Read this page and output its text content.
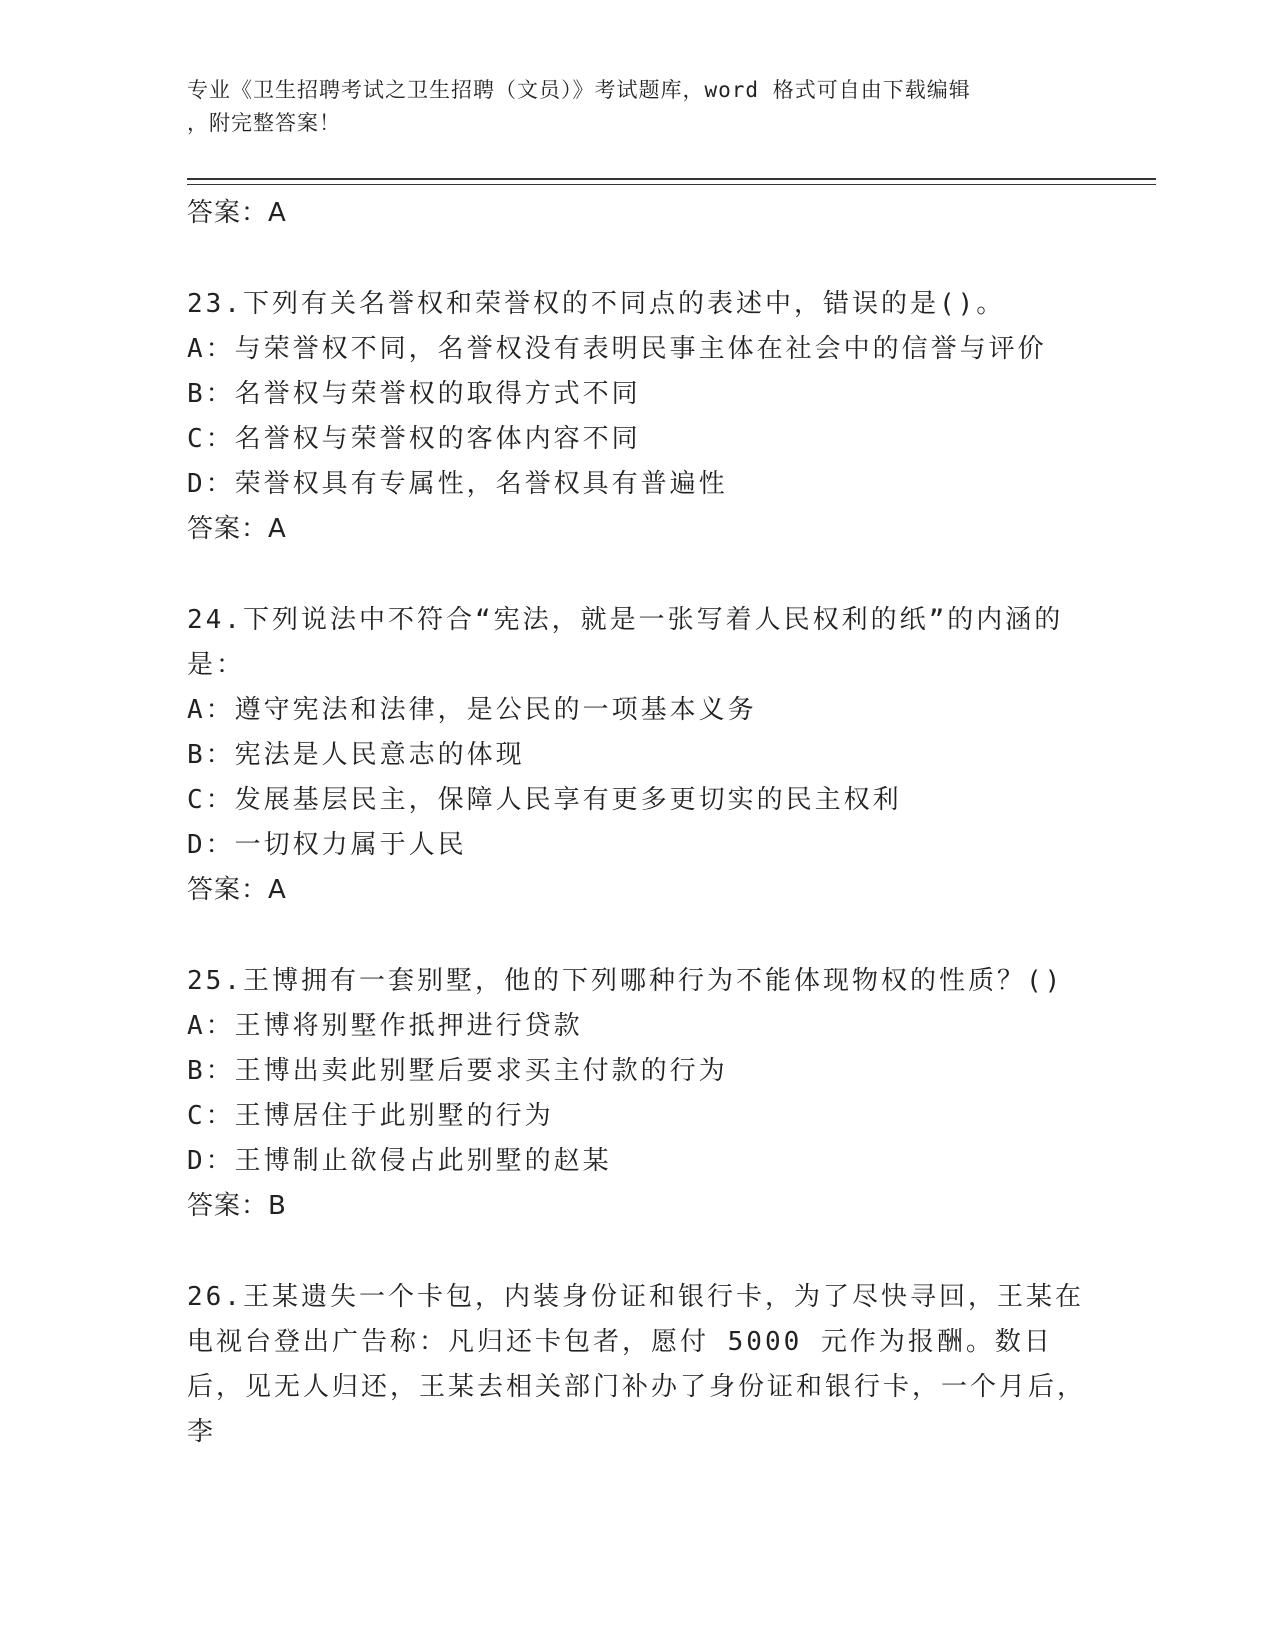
专业《卫生招聘考试之卫生招聘（文员）》考试题库，word 格式可自由下载编辑
，附完整答案！
答案：A
23.下列有关名誉权和荣誉权的不同点的表述中，错误的是()。
A：与荣誉权不同，名誉权没有表明民事主体在社会中的信誉与评价
B：名誉权与荣誉权的取得方式不同
C：名誉权与荣誉权的客体内容不同
D：荣誉权具有专属性，名誉权具有普遍性
答案：A
24.下列说法中不符合“宪法，就是一张写着人民权利的纸”的内涵的是：
A：遵守宪法和法律，是公民的一项基本义务
B：宪法是人民意志的体现
C：发展基层民主，保障人民享有更多更切实的民主权利
D：一切权力属于人民
答案：A
25.王博拥有一套别墅，他的下列哪种行为不能体现物权的性质？()
A：王博将别墅作抵押进行贷款
B：王博出卖此别墅后要求买主付款的行为
C：王博居住于此别墅的行为
D：王博制止欲侵占此别墅的赵某
答案：B
26.王某遗失一个卡包，内装身份证和银行卡，为了尽快寻回，王某在电视台登出广告称：凡归还卡包者，愿付 5000 元作为报酬。数日后，见无人归还，王某去相关部门补办了身份证和银行卡，一个月后，李
